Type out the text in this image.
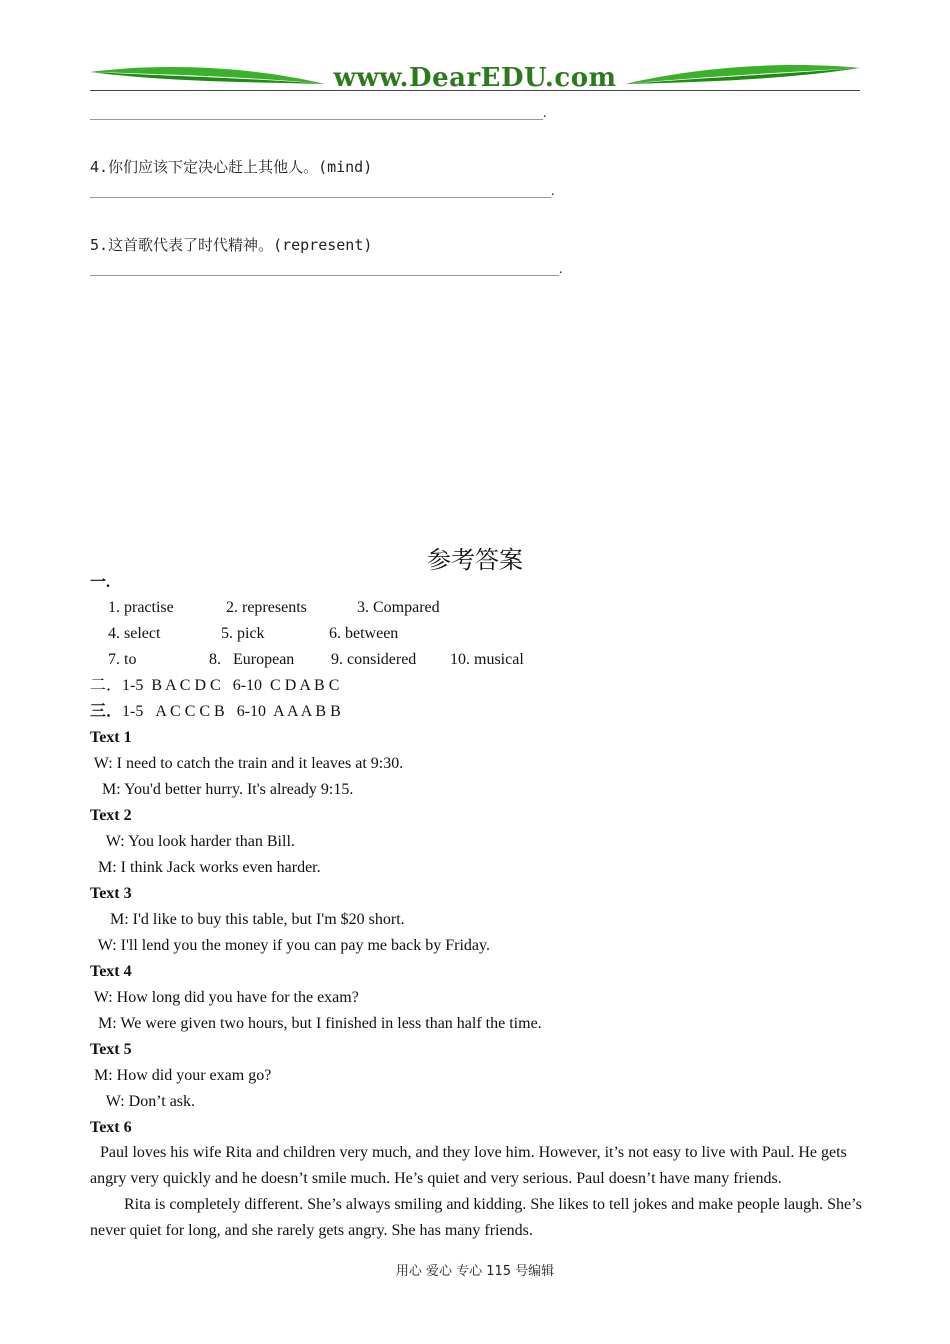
www.DearEDU.com
.
4.你们应该下定决心赶上其他人。(mind)
.
5.这首歌代表了时代精神。(represent)
.
参考答案
一.
1. practise	2. represents	3. Compared
4. select	5. pick	6. between
7. to	8.   European 9. considered 10. musical
二．1-5  B A C D C   6-10  C D A B C
三．1-5   A C C C B   6-10  A A A B B
Text 1
W: I need to catch the train and it leaves at 9:30.
M: You'd better hurry. It's already 9:15.
Text 2
W: You look harder than Bill.
M: I think Jack works even harder.
Text 3
M: I'd like to buy this table, but I'm $20 short.
W: I'll lend you the money if you can pay me back by Friday.
Text 4
W: How long did you have for the exam?
M: We were given two hours, but I finished in less than half the time.
Text 5
M: How did your exam go?
W: Don’t ask.
Text 6
Paul loves his wife Rita and children very much, and they love him. However, it’s not easy to live with Paul. He gets angry very quickly and he doesn’t smile much. He’s quiet and very serious. Paul doesn’t have many friends.
Rita is completely different. She’s always smiling and kidding. She likes to tell jokes and make people laugh. She’s never quiet for long, and she rarely gets angry. She has many friends.
用心 爱心 专心 115 号编辑
